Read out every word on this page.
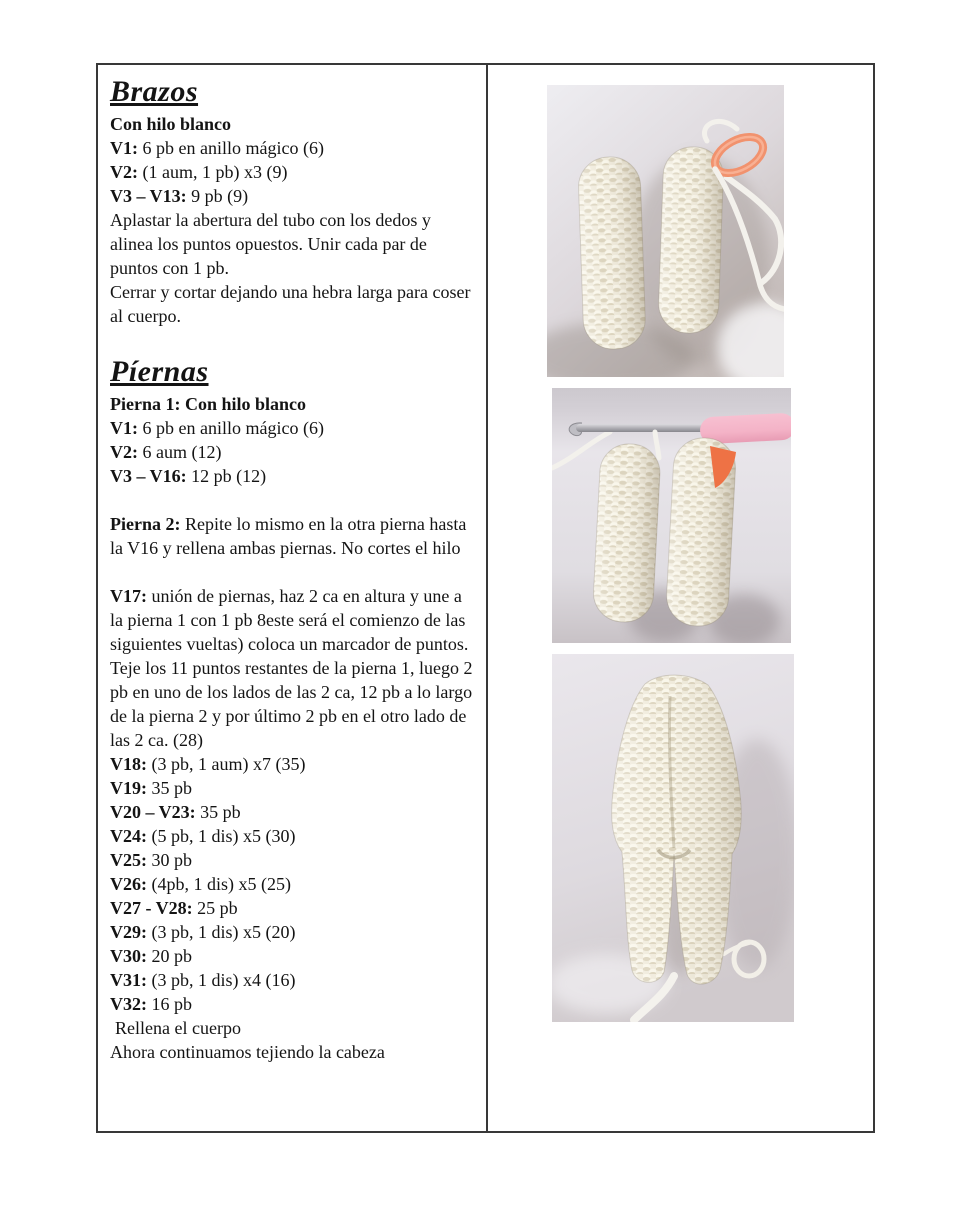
Brazos

Con hilo blanco

V1: 6 pb en anillo mágico (6)

V2: (1 aum, 1 pb) x3 (9)

V3 – V13: 9 pb (9)

Aplastar la abertura del tubo con los dedos y alinea los puntos opuestos. Unir cada par de puntos con 1 pb.

Cerrar y cortar dejando una hebra larga para coser al cuerpo.

Píernas

Pierna 1: Con hilo blanco

V1: 6 pb en anillo mágico (6)

V2: 6 aum (12)

V3 – V16: 12 pb (12)

Pierna 2: Repite lo mismo en la otra pierna hasta la V16 y rellena ambas piernas. No cortes el hilo

V17: unión de piernas, haz 2 ca en altura y une a la pierna 1 con 1 pb 8este será el comienzo de las siguientes vueltas) coloca un marcador de puntos. Teje los 11 puntos restantes de la pierna 1, luego 2 pb en uno de los lados de las 2 ca, 12 pb a lo largo de la pierna 2 y por último 2 pb en el otro lado de las 2 ca. (28)

V18: (3 pb, 1 aum) x7 (35)

V19: 35 pb

V20 – V23: 35 pb

V24: (5 pb, 1 dis) x5 (30)

V25: 30 pb

V26: (4pb, 1 dis) x5 (25)

V27 - V28: 25 pb

V29: (3 pb, 1 dis) x5 (20)

V30: 20 pb

V31: (3 pb, 1 dis) x4 (16)

V32: 16 pb

Rellena el cuerpo

Ahora continuamos tejiendo la cabeza
